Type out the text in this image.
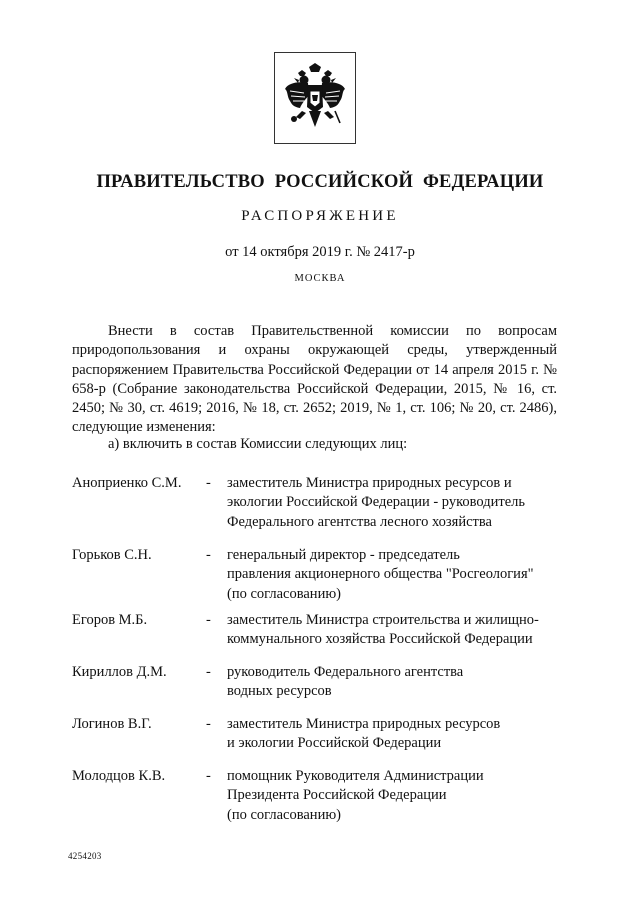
ПРАВИТЕЛЬСТВО РОССИЙСКОЙ ФЕДЕРАЦИИ
РАСПОРЯЖЕНИЕ
от 14 октября 2019 г. № 2417-р
МОСКВА

Внести в состав Правительственной комиссии по вопросам природопользования и охраны окружающей среды, утвержденный распоряжением Правительства Российской Федерации от 14 апреля 2015 г. № 658-р (Собрание законодательства Российской Федерации, 2015, № 16, ст. 2450; № 30, ст. 4619; 2016, № 18, ст. 2652; 2019, № 1, ст. 106; № 20, ст. 2486), следующие изменения:

а) включить в состав Комиссии следующих лиц:
Аноприенко С.М. - заместитель Министра природных ресурсов и
экологии Российской Федерации - руководитель
Федерального агентства лесного хозяйства
Горьков С.Н.	- генеральный директор - председатель
правления акционерного общества "Росгеология"
(по согласованию)
Егоров М.Б.	- заместитель Министра строительства и жилищно-
коммунального хозяйства Российской Федерации
Кириллов Д.М.	- руководитель Федерального агентства
водных ресурсов
Логинов В.Г.	- заместитель Министра природных ресурсов
и экологии Российской Федерации
Молодцов К.В.	- помощник Руководителя Администрации
Президента Российской Федерации
(по согласованию)
4254203
